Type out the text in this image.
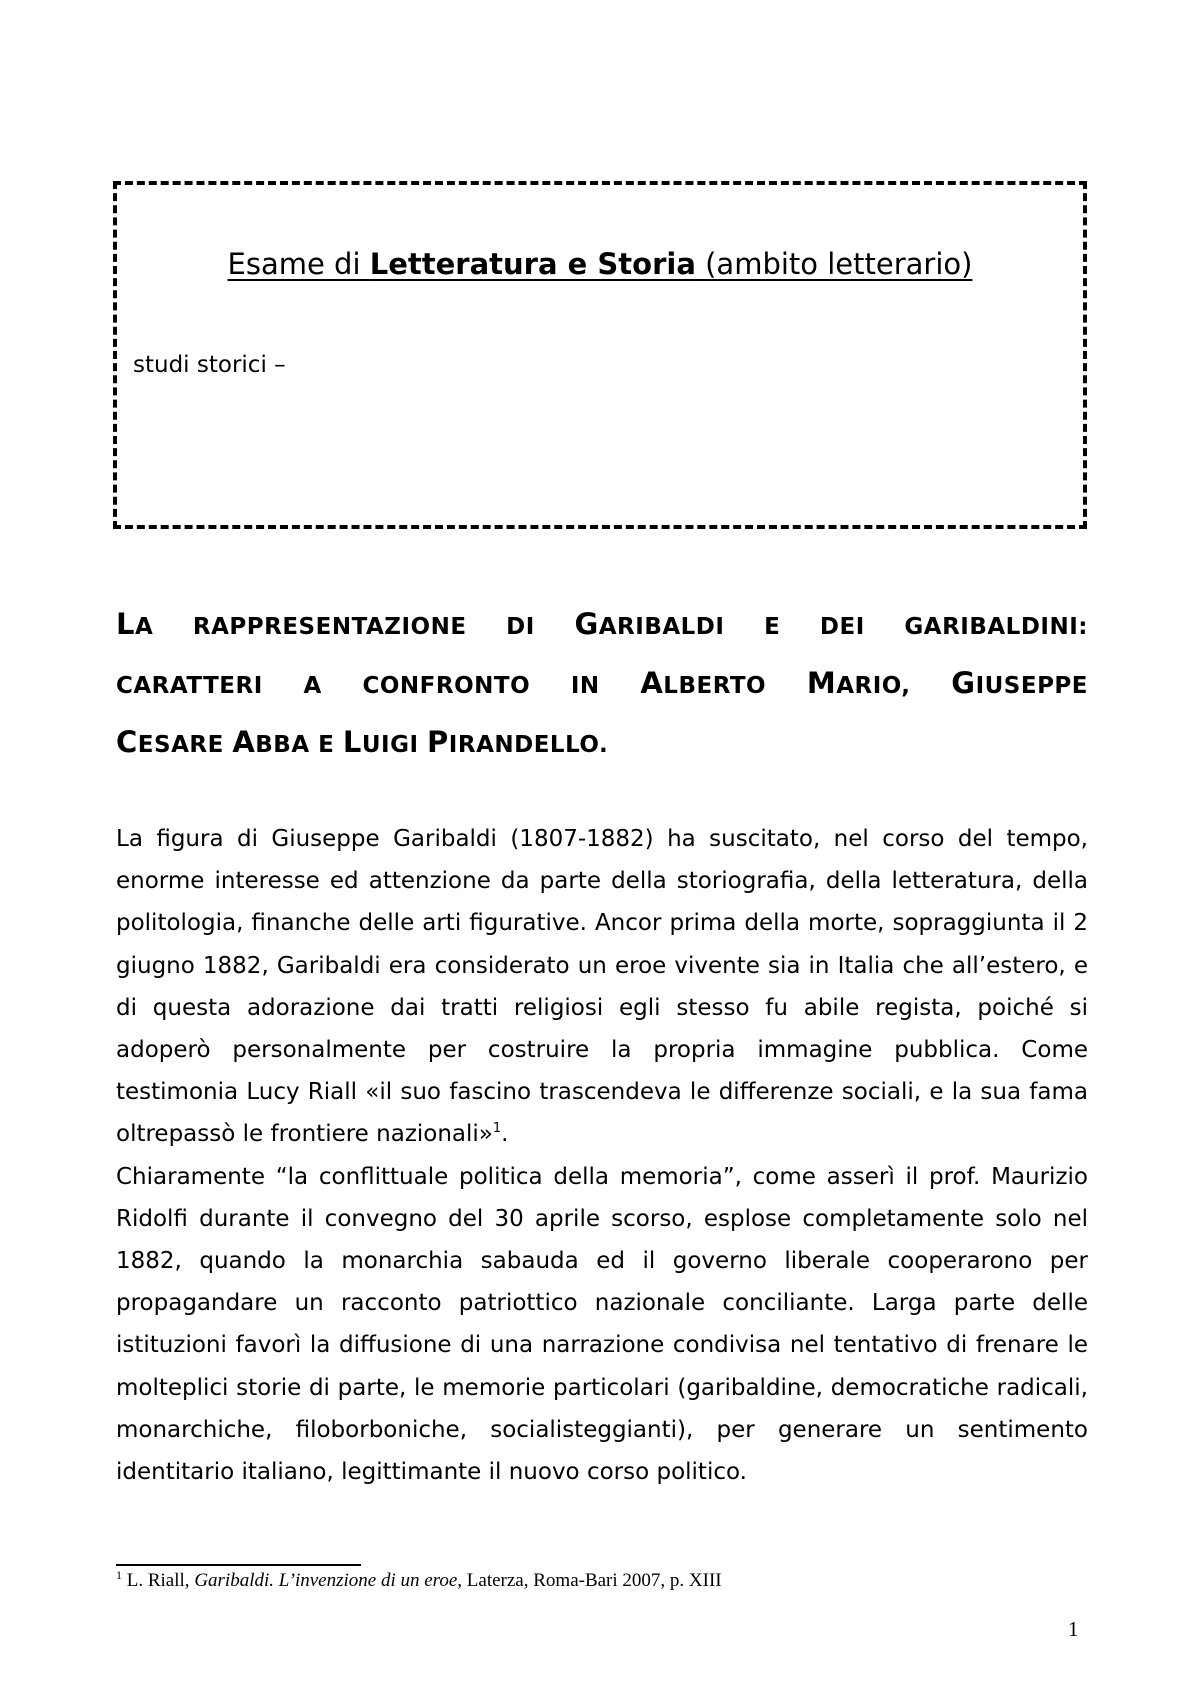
Esame di Letteratura e Storia (ambito letterario)
studi storici –
LA RAPPRESENTAZIONE DI GARIBALDI E DEI GARIBALDINI:
CARATTERI A CONFRONTO IN ALBERTO MARIO, GIUSEPPE
CESARE ABBA E LUIGI PIRANDELLO.

La figura di Giuseppe Garibaldi (1807-1882) ha suscitato, nel corso del tempo, enorme interesse ed attenzione da parte della storiografia, della letteratura, della politologia, finanche delle arti figurative. Ancor prima della morte, sopraggiunta il 2 giugno 1882, Garibaldi era considerato un eroe vivente sia in Italia che all’estero, e di questa adorazione dai tratti religiosi egli stesso fu abile regista, poiché si adoperò personalmente per costruire la propria immagine pubblica. Come testimonia Lucy Riall «il suo fascino trascendeva le differenze sociali, e la sua fama oltrepassò le frontiere nazionali»$^1$.

Chiaramente “la conflittuale politica della memoria”, come asserì il prof. Maurizio Ridolfi durante il convegno del 30 aprile scorso, esplose completamente solo nel 1882, quando la monarchia sabauda ed il governo liberale cooperarono per propagandare un racconto patriottico nazionale conciliante. Larga parte delle istituzioni favorì la diffusione di una narrazione condivisa nel tentativo di frenare le molteplici storie di parte, le memorie particolari (garibaldine, democratiche radicali, monarchiche, filoborboniche, socialisteggianti), per generare un sentimento identitario italiano, legittimante il nuovo corso politico.

$^1$ L. Riall, Garibaldi. L’invenzione di un eroe, Laterza, Roma-Bari 2007, p. XIII
1
